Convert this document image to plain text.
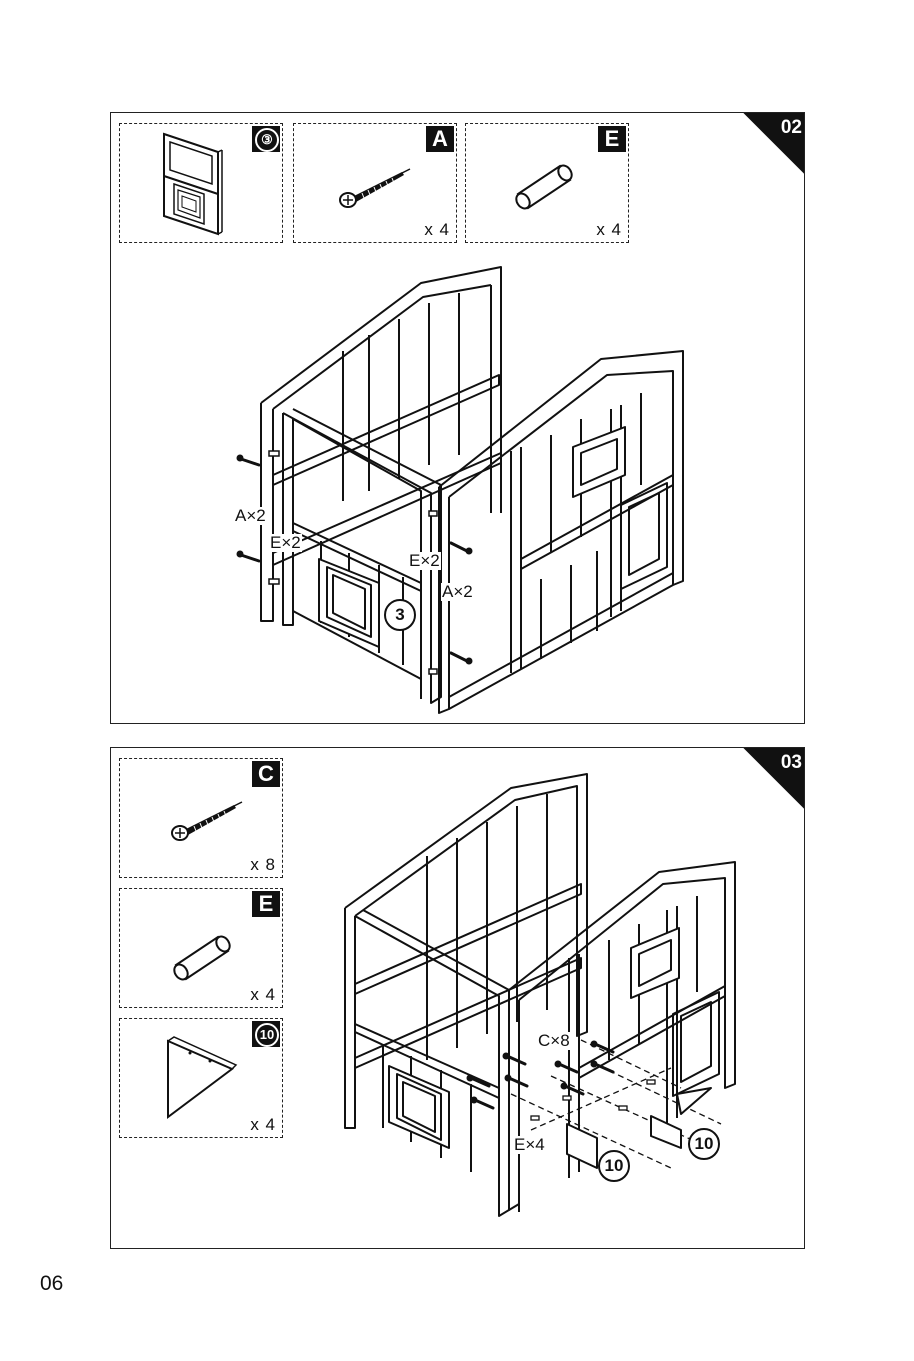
02
③	A
x 4
E
x 4
A×2
E×2
E×2
A×2
3
03
C
x 8
E
x 4
10
x 4
C×8
E×4
10
10
06
